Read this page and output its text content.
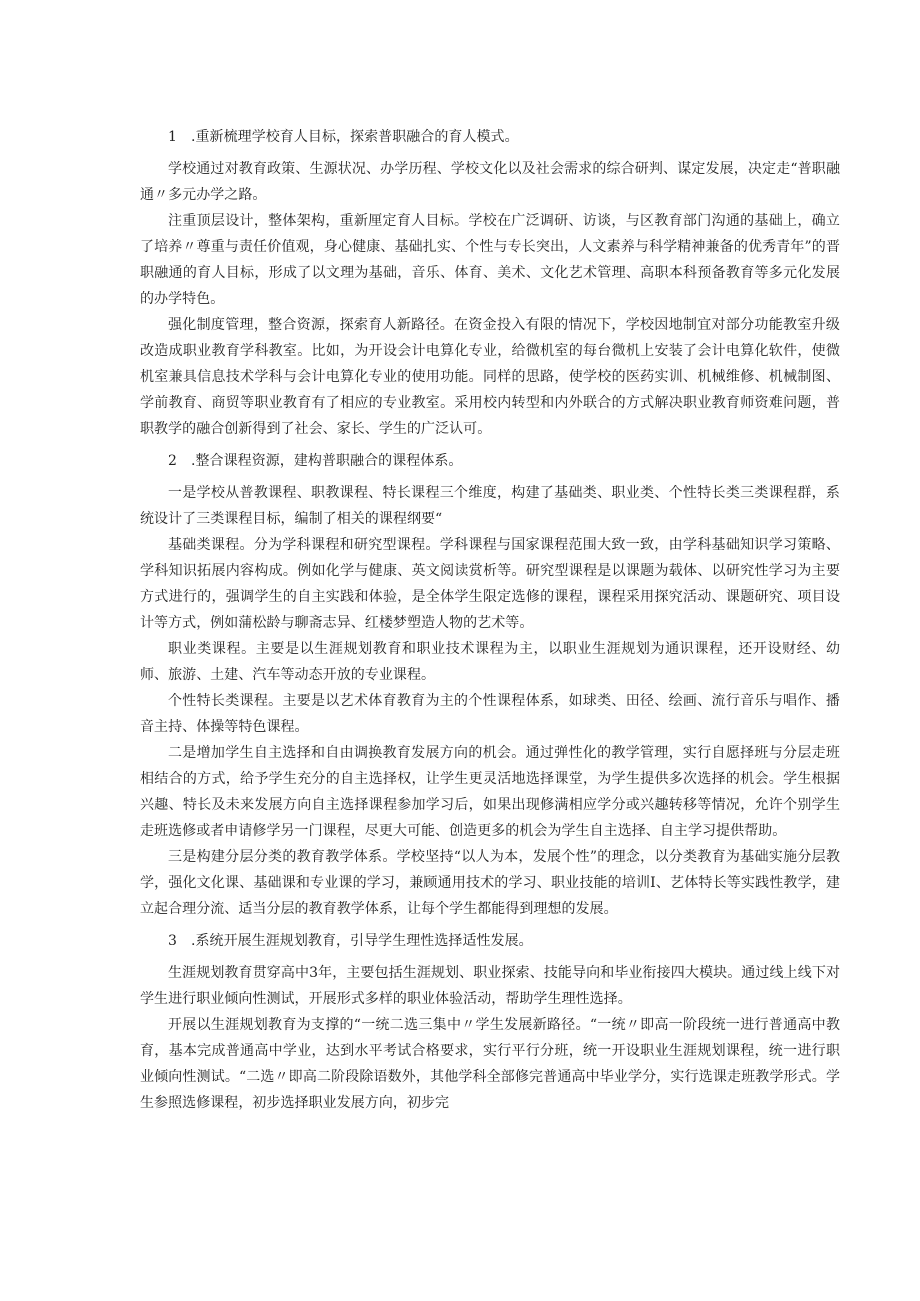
1　.重新梳理学校育人目标，探索普职融合的育人模式。

学校通过对教育政策、生源状况、办学历程、学校文化以及社会需求的综合研判、谋定发展，决定走“普职融通〃多元办学之路。

注重顶层设计，整体架构，重新厘定育人目标。学校在广泛调研、访谈，与区教育部门沟通的基础上，确立了培养〃尊重与责任价值观，身心健康、基础扎实、个性与专长突出，人文素养与科学精神兼备的优秀青年”的晋职融通的育人目标，形成了以文理为基础，音乐、体育、美术、文化艺术管理、高职本科预备教育等多元化发展的办学特色。

强化制度管理，整合资源，探索育人新路径。在资金投入有限的情况下，学校因地制宜对部分功能教室升级改造成职业教育学科教室。比如，为开设会计电算化专业，给微机室的每台微机上安装了会计电算化软件，使微机室兼具信息技术学科与会计电算化专业的使用功能。同样的思路，使学校的医药实训、机械维修、机械制图、学前教育、商贸等职业教育有了相应的专业教室。采用校内转型和内外联合的方式解决职业教育师资难问题，普职教学的融合创新得到了社会、家长、学生的广泛认可。

2　.整合课程资源，建构普职融合的课程体系。

一是学校从普教课程、职教课程、特长课程三个维度，构建了基础类、职业类、个性特长类三类课程群，系统设计了三类课程目标，编制了相关的课程纲要“

基础类课程。分为学科课程和研究型课程。学科课程与国家课程范围大致一致，由学科基础知识学习策略、学科知识拓展内容构成。例如化学与健康、英文阅读赏析等。研究型课程是以课题为载体、以研究性学习为主要方式进行的，强调学生的自主实践和体验，是全体学生限定选修的课程，课程采用探究活动、课题研究、项目设计等方式，例如蒲松龄与聊斋志异、红楼梦塑造人物的艺术等。

职业类课程。主要是以生涯规划教育和职业技术课程为主，以职业生涯规划为通识课程，还开设财经、幼师、旅游、土建、汽车等动态开放的专业课程。

个性特长类课程。主要是以艺术体育教育为主的个性课程体系，如球类、田径、绘画、流行音乐与唱作、播音主持、体操等特色课程。

二是增加学生自主选择和自由调换教育发展方向的机会。通过弹性化的教学管理，实行自愿择班与分层走班相结合的方式，给予学生充分的自主选择权，让学生更灵活地选择课堂，为学生提供多次选择的机会。学生根据兴趣、特长及未来发展方向自主选择课程参加学习后，如果出现修满相应学分或兴趣转移等情况，允许个别学生走班选修或者申请修学另一门课程，尽更大可能、创造更多的机会为学生自主选择、自主学习提供帮助。

三是构建分层分类的教育教学体系。学校坚持“以人为本，发展个性”的理念，以分类教育为基础实施分层教学，强化文化课、基础课和专业课的学习，兼顾通用技术的学习、职业技能的培训I、艺体特长等实践性教学，建立起合理分流、适当分层的教育教学体系，让每个学生都能得到理想的发展。

3　.系统开展生涯规划教育，引导学生理性选择适性发展。

生涯规划教育贯穿高中3年，主要包括生涯规划、职业探索、技能导向和毕业衔接四大模块。通过线上线下对学生进行职业倾向性测试，开展形式多样的职业体验活动，帮助学生理性选择。

开展以生涯规划教育为支撑的“一统二选三集中〃学生发展新路径。“一统〃即高一阶段统一进行普通高中教育，基本完成普通高中学业，达到水平考试合格要求，实行平行分班，统一开设职业生涯规划课程，统一进行职业倾向性测试。“二选〃即高二阶段除语数外，其他学科全部修完普通高中毕业学分，实行选课走班教学形式。学生参照选修课程，初步选择职业发展方向，初步完
